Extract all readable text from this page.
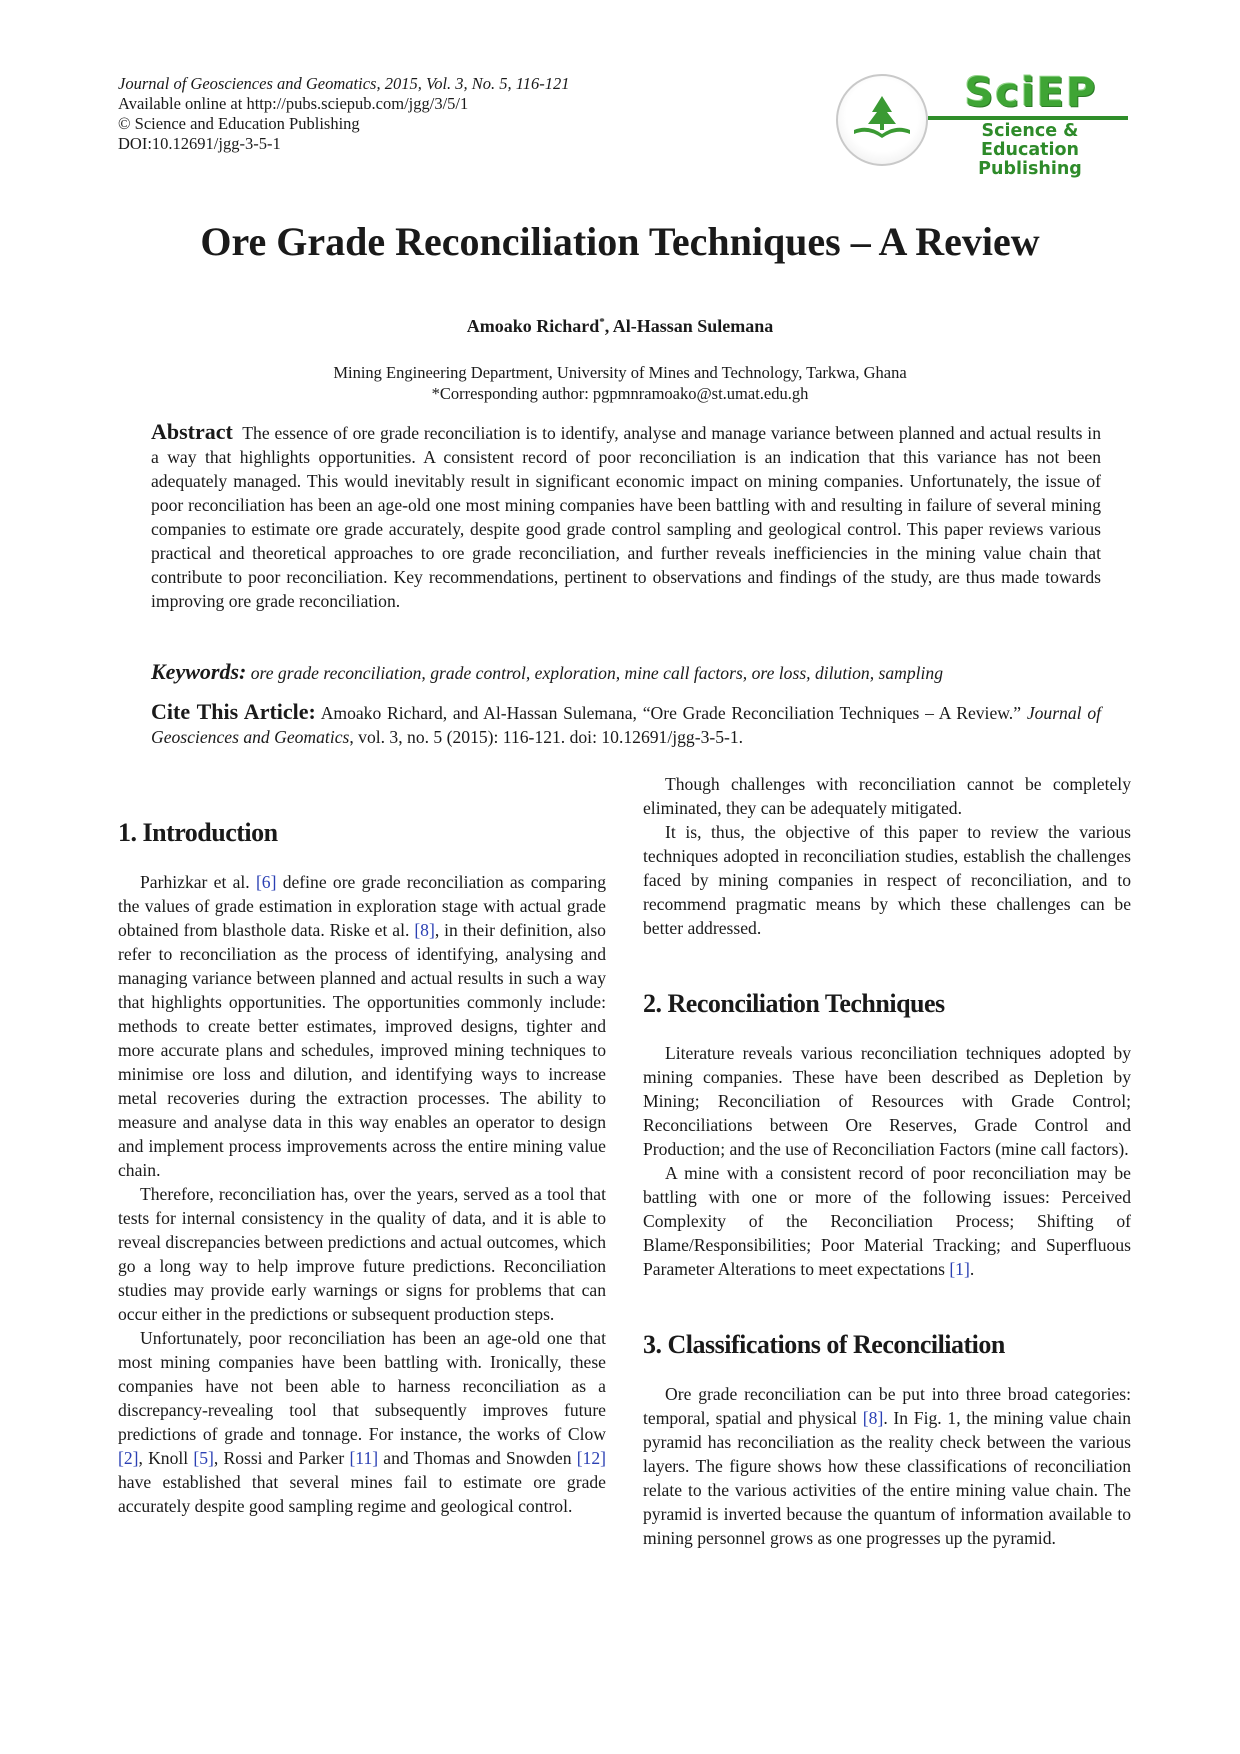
Journal of Geosciences and Geomatics, 2015, Vol. 3, No. 5, 116-121
Available online at http://pubs.sciepub.com/jgg/3/5/1
© Science and Education Publishing
DOI:10.12691/jgg-3-5-1
SciEP
Science & Education
Publishing
Ore Grade Reconciliation Techniques – A Review
Amoako Richard*, Al-Hassan Sulemana
Mining Engineering Department, University of Mines and Technology, Tarkwa, Ghana
*Corresponding author: pgpmnramoako@st.umat.edu.gh

Abstract The essence of ore grade reconciliation is to identify, analyse and manage variance between planned and actual results in a way that highlights opportunities. A consistent record of poor reconciliation is an indication that this variance has not been adequately managed. This would inevitably result in significant economic impact on mining companies. Unfortunately, the issue of poor reconciliation has been an age-old one most mining companies have been battling with and resulting in failure of several mining companies to estimate ore grade accurately, despite good grade control sampling and geological control. This paper reviews various practical and theoretical approaches to ore grade reconciliation, and further reveals inefficiencies in the mining value chain that contribute to poor reconciliation. Key recommendations, pertinent to observations and findings of the study, are thus made towards improving ore grade reconciliation.

Keywords: ore grade reconciliation, grade control, exploration, mine call factors, ore loss, dilution, sampling

Cite This Article: Amoako Richard, and Al-Hassan Sulemana, “Ore Grade Reconciliation Techniques – A Review.” Journal of Geosciences and Geomatics, vol. 3, no. 5 (2015): 116-121. doi: 10.12691/jgg-3-5-1.

1. Introduction

Parhizkar et al. [6] define ore grade reconciliation as comparing the values of grade estimation in exploration stage with actual grade obtained from blasthole data. Riske et al. [8], in their definition, also refer to reconciliation as the process of identifying, analysing and managing variance between planned and actual results in such a way that highlights opportunities. The opportunities commonly include: methods to create better estimates, improved designs, tighter and more accurate plans and schedules, improved mining techniques to minimise ore loss and dilution, and identifying ways to increase metal recoveries during the extraction processes. The ability to measure and analyse data in this way enables an operator to design and implement process improvements across the entire mining value chain.

Therefore, reconciliation has, over the years, served as a tool that tests for internal consistency in the quality of data, and it is able to reveal discrepancies between predictions and actual outcomes, which go a long way to help improve future predictions. Reconciliation studies may provide early warnings or signs for problems that can occur either in the predictions or subsequent production steps.

Unfortunately, poor reconciliation has been an age-old one that most mining companies have been battling with. Ironically, these companies have not been able to harness reconciliation as a discrepancy-revealing tool that subsequently improves future predictions of grade and tonnage. For instance, the works of Clow [2], Knoll [5], Rossi and Parker [11] and Thomas and Snowden [12] have established that several mines fail to estimate ore grade accurately despite good sampling regime and geological control.

Though challenges with reconciliation cannot be completely eliminated, they can be adequately mitigated.

It is, thus, the objective of this paper to review the various techniques adopted in reconciliation studies, establish the challenges faced by mining companies in respect of reconciliation, and to recommend pragmatic means by which these challenges can be better addressed.

2. Reconciliation Techniques

Literature reveals various reconciliation techniques adopted by mining companies. These have been described as Depletion by Mining; Reconciliation of Resources with Grade Control; Reconciliations between Ore Reserves, Grade Control and Production; and the use of Reconciliation Factors (mine call factors).

A mine with a consistent record of poor reconciliation may be battling with one or more of the following issues: Perceived Complexity of the Reconciliation Process; Shifting of Blame/Responsibilities; Poor Material Tracking; and Superfluous Parameter Alterations to meet expectations [1].

3. Classifications of Reconciliation

Ore grade reconciliation can be put into three broad categories: temporal, spatial and physical [8]. In Fig. 1, the mining value chain pyramid has reconciliation as the reality check between the various layers. The figure shows how these classifications of reconciliation relate to the various activities of the entire mining value chain. The pyramid is inverted because the quantum of information available to mining personnel grows as one progresses up the pyramid.
